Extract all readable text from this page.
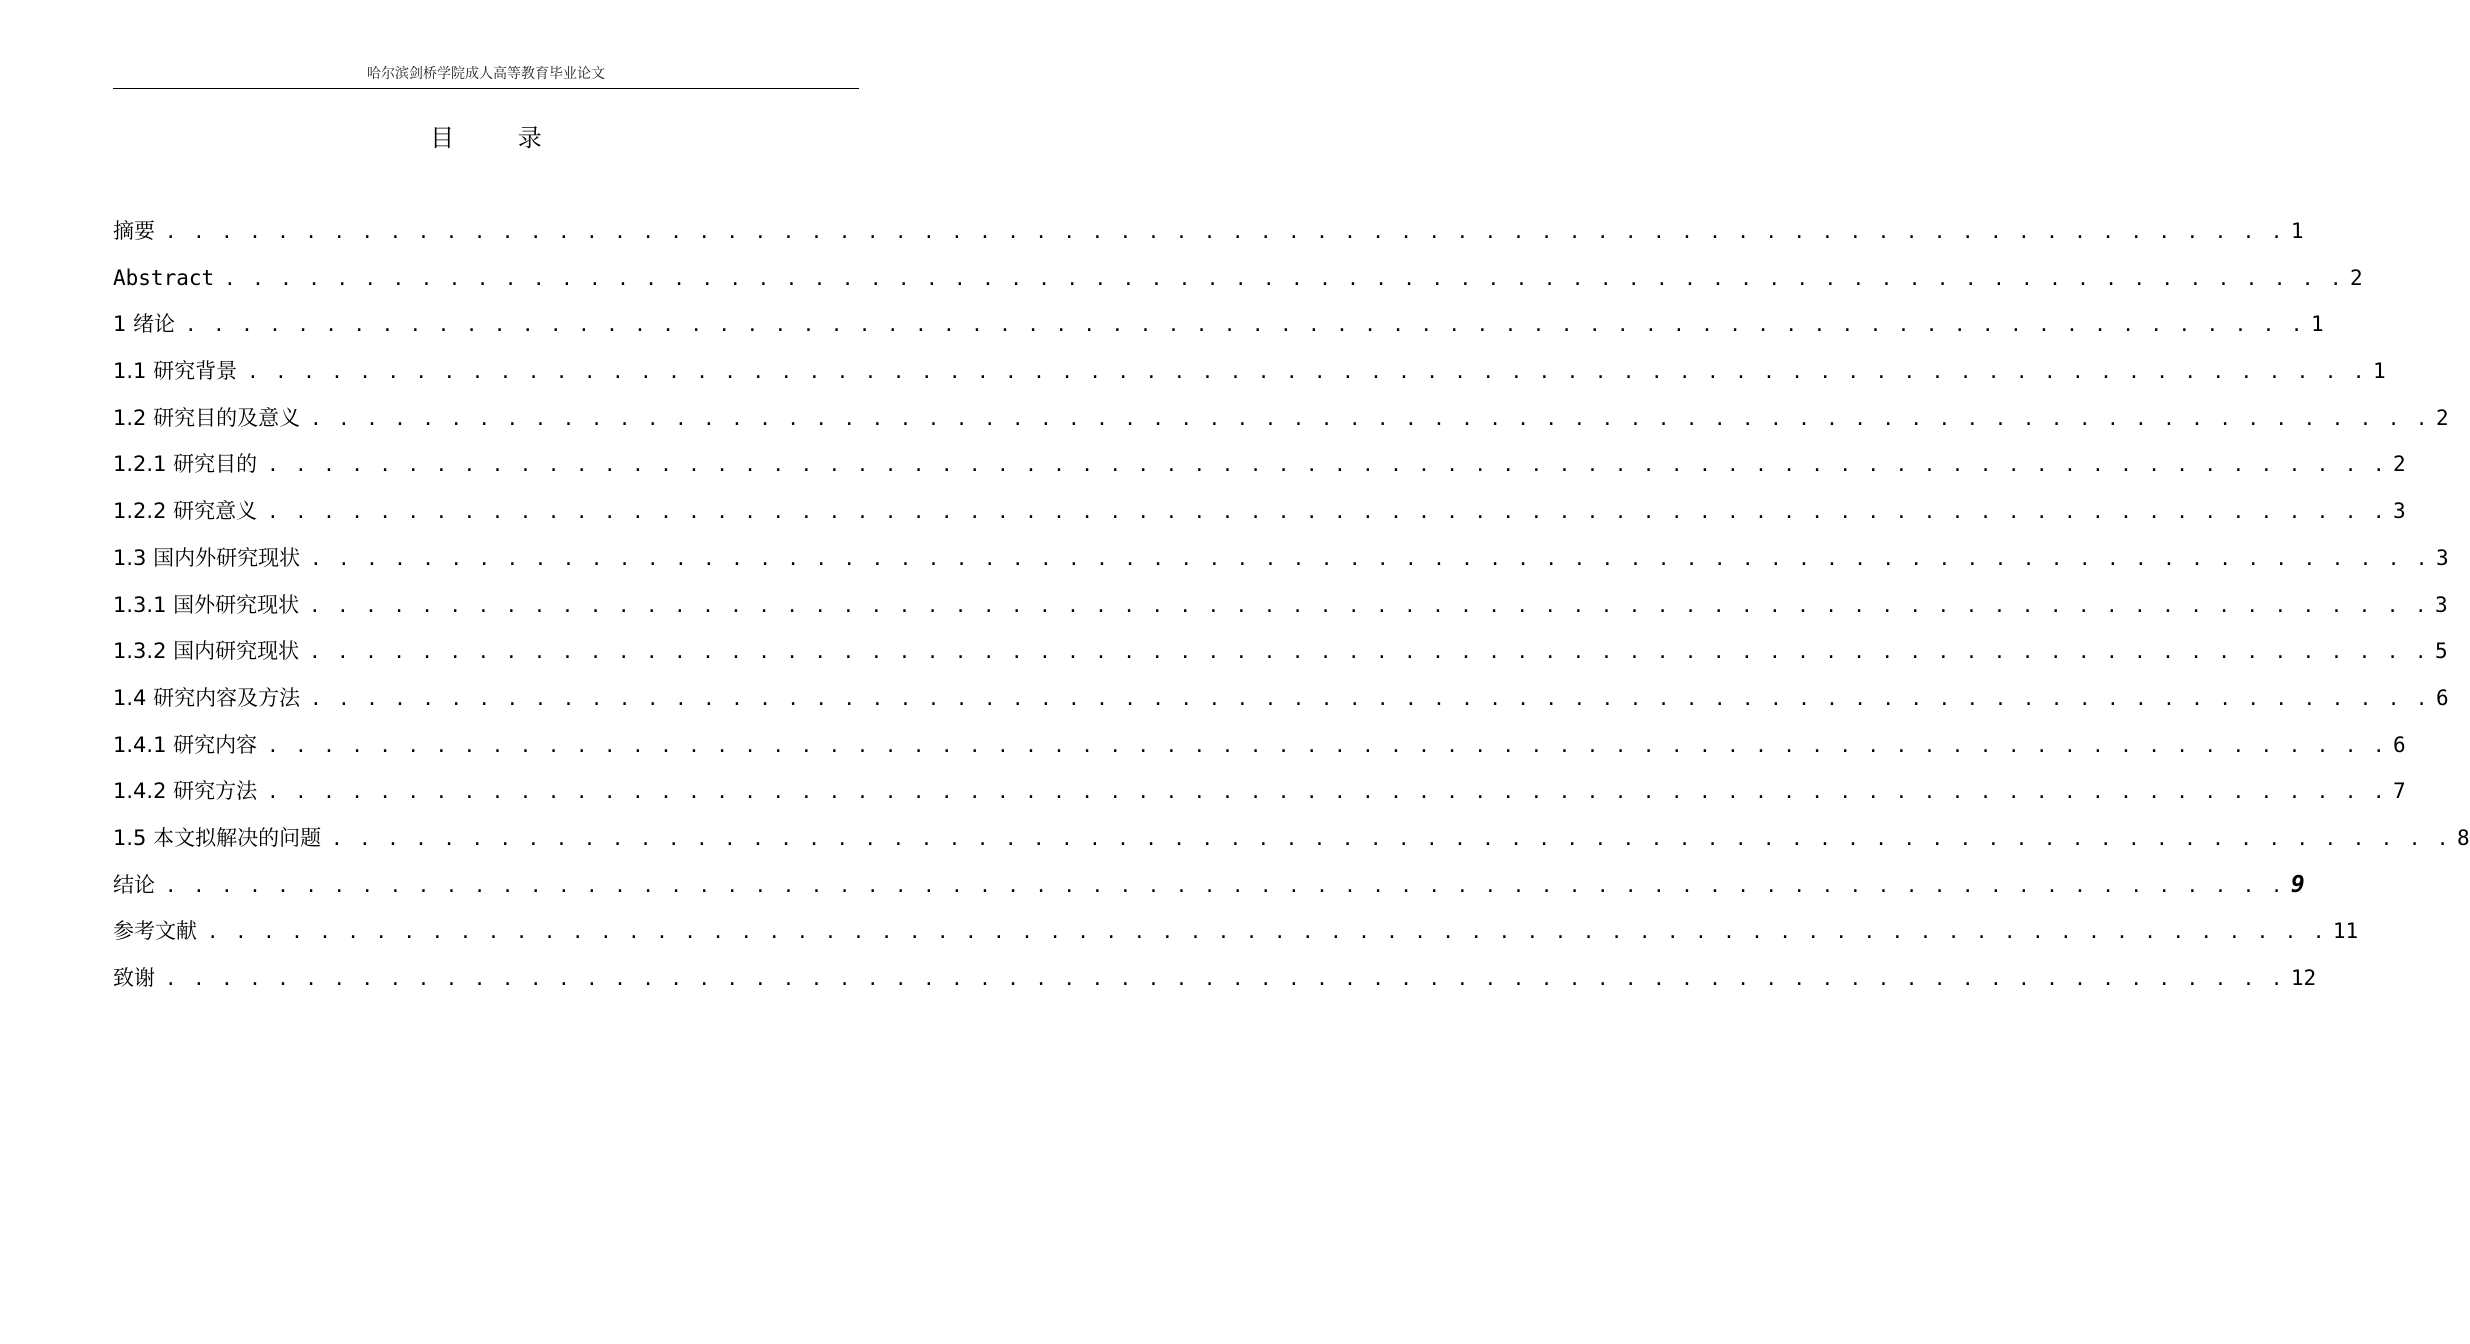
哈尔滨剑桥学院成人高等教育毕业论文
目 录
摘要 . . . . . . . . . . . . . . . . . . . . . . . . . . . . . . . . . . . . . . . . . . . . . . . . . . . . . . . . . . . . . . . . . . . . . . . . . . . . 1
Abstract . . . . . . . . . . . . . . . . . . . . . . . . . . . . . . . . . . . . . . . . . . . . . . . . . . . . . . . . . . . . . . . . . . . . . . . . . . . . 2
1 绪论 . . . . . . . . . . . . . . . . . . . . . . . . . . . . . . . . . . . . . . . . . . . . . . . . . . . . . . . . . . . . . . . . . . . . . . . . . . . . 1
1.1 研究背景 . . . . . . . . . . . . . . . . . . . . . . . . . . . . . . . . . . . . . . . . . . . . . . . . . . . . . . . . . . . . . . . . . . . . . . . . . . . . 1
1.2 研究目的及意义 . . . . . . . . . . . . . . . . . . . . . . . . . . . . . . . . . . . . . . . . . . . . . . . . . . . . . . . . . . . . . . . . . . . . . . . . . . . . 2
1.2.1 研究目的 . . . . . . . . . . . . . . . . . . . . . . . . . . . . . . . . . . . . . . . . . . . . . . . . . . . . . . . . . . . . . . . . . . . . . . . . . . . . 2
1.2.2 研究意义 . . . . . . . . . . . . . . . . . . . . . . . . . . . . . . . . . . . . . . . . . . . . . . . . . . . . . . . . . . . . . . . . . . . . . . . . . . . . 3
1.3 国内外研究现状 . . . . . . . . . . . . . . . . . . . . . . . . . . . . . . . . . . . . . . . . . . . . . . . . . . . . . . . . . . . . . . . . . . . . . . . . . . . . 3
1.3.1 国外研究现状 . . . . . . . . . . . . . . . . . . . . . . . . . . . . . . . . . . . . . . . . . . . . . . . . . . . . . . . . . . . . . . . . . . . . . . . . . . . . 3
1.3.2 国内研究现状 . . . . . . . . . . . . . . . . . . . . . . . . . . . . . . . . . . . . . . . . . . . . . . . . . . . . . . . . . . . . . . . . . . . . . . . . . . . . 5
1.4 研究内容及方法 . . . . . . . . . . . . . . . . . . . . . . . . . . . . . . . . . . . . . . . . . . . . . . . . . . . . . . . . . . . . . . . . . . . . . . . . . . . . 6
1.4.1 研究内容 . . . . . . . . . . . . . . . . . . . . . . . . . . . . . . . . . . . . . . . . . . . . . . . . . . . . . . . . . . . . . . . . . . . . . . . . . . . . 6
1.4.2 研究方法 . . . . . . . . . . . . . . . . . . . . . . . . . . . . . . . . . . . . . . . . . . . . . . . . . . . . . . . . . . . . . . . . . . . . . . . . . . . . 7
1.5 本文拟解决的问题 . . . . . . . . . . . . . . . . . . . . . . . . . . . . . . . . . . . . . . . . . . . . . . . . . . . . . . . . . . . . . . . . . . . . . . . . . . . . 8
结论 . . . . . . . . . . . . . . . . . . . . . . . . . . . . . . . . . . . . . . . . . . . . . . . . . . . . . . . . . . . . . . . . . . . . . . . . . . . . 9
参考文献 . . . . . . . . . . . . . . . . . . . . . . . . . . . . . . . . . . . . . . . . . . . . . . . . . . . . . . . . . . . . . . . . . . . . . . . . . . . . 11
致谢 . . . . . . . . . . . . . . . . . . . . . . . . . . . . . . . . . . . . . . . . . . . . . . . . . . . . . . . . . . . . . . . . . . . . . . . . . . . . 12
